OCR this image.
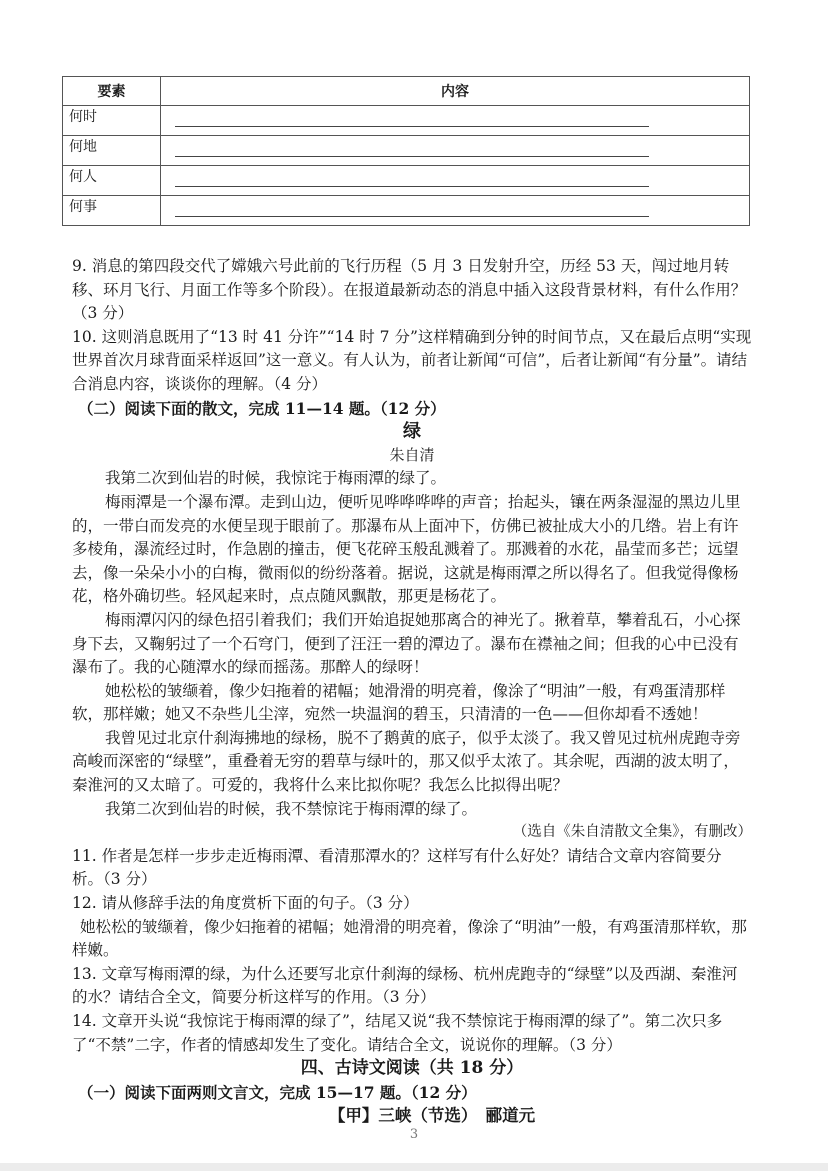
要素	内容
何时	

何地	

何人	

何事	

9. 消息的第四段交代了嫦娥六号此前的飞行历程（5 月 3 日发射升空，历经 53 天，闯过地月转移、环月飞行、月面工作等多个阶段）。在报道最新动态的消息中插入这段背景材料，有什么作用？（3 分）

10. 这则消息既用了“13 时 41 分许”“14 时 7 分”这样精确到分钟的时间节点，又在最后点明“实现世界首次月球背面采样返回”这一意义。有人认为，前者让新闻“可信”，后者让新闻“有分量”。请结合消息内容，谈谈你的理解。（4 分）

（二）阅读下面的散文，完成 11—14 题。（12 分）

绿

朱自清

我第二次到仙岩的时候，我惊诧于梅雨潭的绿了。

梅雨潭是一个瀑布潭。走到山边，便听见哗哗哗哗的声音；抬起头，镶在两条湿湿的黑边儿里的，一带白而发亮的水便呈现于眼前了。那瀑布从上面冲下，仿佛已被扯成大小的几绺。岩上有许多棱角，瀑流经过时，作急剧的撞击，便飞花碎玉般乱溅着了。那溅着的水花，晶莹而多芒；远望去，像一朵朵小小的白梅，微雨似的纷纷落着。据说，这就是梅雨潭之所以得名了。但我觉得像杨花，格外确切些。轻风起来时，点点随风飘散，那更是杨花了。

梅雨潭闪闪的绿色招引着我们；我们开始追捉她那离合的神光了。揪着草，攀着乱石，小心探身下去，又鞠躬过了一个石穹门，便到了汪汪一碧的潭边了。瀑布在襟袖之间；但我的心中已没有瀑布了。我的心随潭水的绿而摇荡。那醉人的绿呀！

她松松的皱缬着，像少妇拖着的裙幅；她滑滑的明亮着，像涂了“明油”一般，有鸡蛋清那样软，那样嫩；她又不杂些儿尘滓，宛然一块温润的碧玉，只清清的一色——但你却看不透她！

我曾见过北京什刹海拂地的绿杨，脱不了鹅黄的底子，似乎太淡了。我又曾见过杭州虎跑寺旁高峻而深密的“绿壁”，重叠着无穷的碧草与绿叶的，那又似乎太浓了。其余呢，西湖的波太明了，秦淮河的又太暗了。可爱的，我将什么来比拟你呢？我怎么比拟得出呢？

我第二次到仙岩的时候，我不禁惊诧于梅雨潭的绿了。

（选自《朱自清散文全集》，有删改）

11. 作者是怎样一步步走近梅雨潭、看清那潭水的？这样写有什么好处？请结合文章内容简要分析。（3 分）

12. 请从修辞手法的角度赏析下面的句子。（3 分）

她松松的皱缬着，像少妇拖着的裙幅；她滑滑的明亮着，像涂了“明油”一般，有鸡蛋清那样软，那样嫩。

13. 文章写梅雨潭的绿，为什么还要写北京什刹海的绿杨、杭州虎跑寺的“绿壁”以及西湖、秦淮河的水？请结合全文，简要分析这样写的作用。（3 分）

14. 文章开头说“我惊诧于梅雨潭的绿了”，结尾又说“我不禁惊诧于梅雨潭的绿了”。第二次只多了“不禁”二字，作者的情感却发生了变化。请结合全文，说说你的理解。（3 分）

四、古诗文阅读（共 18 分）

（一）阅读下面两则文言文，完成 15—17 题。（12 分）

【甲】三峡（节选）　郦道元

3
